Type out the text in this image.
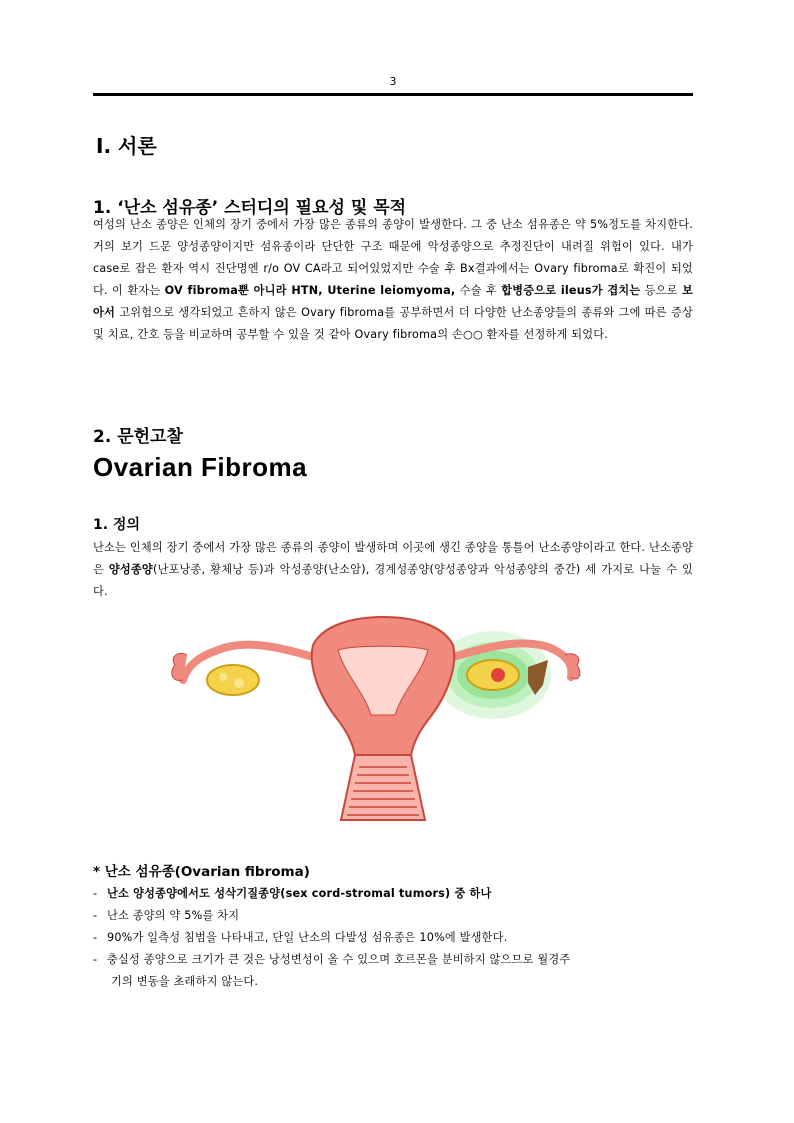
3
Ⅰ. 서론
1. ‘난소 섬유종’ 스터디의 필요성 및 목적
여성의 난소 종양은 인체의 장기 중에서 가장 많은 종류의 종양이 발생한다. 그 중 난소 섬유종은 약 5%정도를 차지한다. 거의 보기 드문 양성종양이지만 섬유종이라 단단한 구조 때문에 악성종양으로 추정진단이 내려질 위험이 있다. 내가 case로 잡은 환자 역시 진단명엔 r/o OV CA라고 되어있었지만 수술 후 Bx결과에서는 Ovary fibroma로 확진이 되었다. 이 환자는 OV fibroma뿐 아니라 HTN, Uterine leiomyoma, 수술 후 합병증으로 ileus가 겹치는 등으로 보아서 고위험으로 생각되었고 흔하지 않은 Ovary fibroma를 공부하면서 더 다양한 난소종양들의 종류와 그에 따른 증상 및 치료, 간호 등을 비교하며 공부할 수 있을 것 같아 Ovary fibroma의 손○○ 환자를 선정하게 되었다.
2. 문헌고찰
Ovarian Fibroma
1. 정의
난소는 인체의 장기 중에서 가장 많은 종류의 종양이 발생하며 이곳에 생긴 종양을 통틀어 난소종양이라고 한다. 난소종양은 양성종양(난포낭종, 황체낭 등)과 악성종양(난소암), 경계성종양(양성종양과 악성종양의 중간) 세 가지로 나눌 수 있다.
* 난소 섬유종(Ovarian fibroma)
- 난소 양성종양에서도 성삭기질종양(sex cord-stromal tumors) 중 하나
- 난소 종양의 약 5%를 차지
- 90%가 일측성 침범을 나타내고, 단일 난소의 다발성 섬유종은 10%에 발생한다.
- 충실성 종양으로 크기가 큰 것은 낭성변성이 올 수 있으며 호르몬을 분비하지 않으므로 월경주
기의 변동을 초래하지 않는다.
